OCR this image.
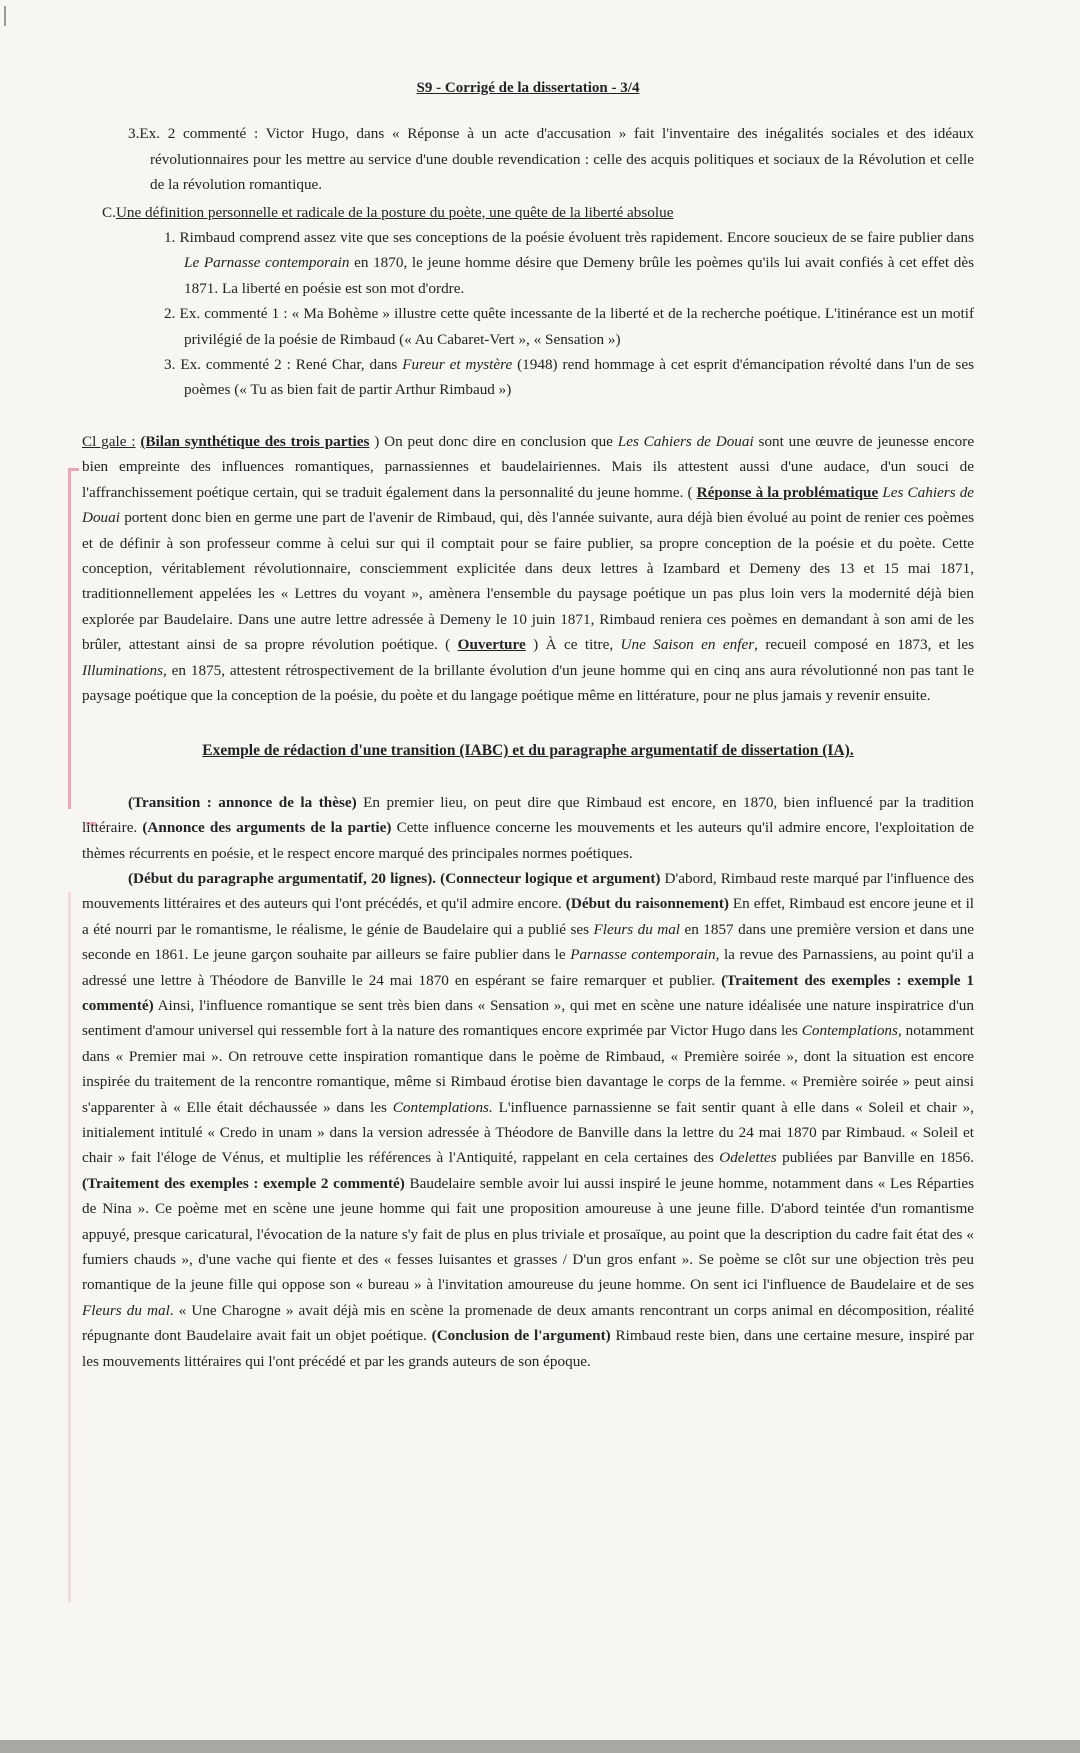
S9 - Corrigé de la dissertation - 3/4

3.Ex. 2 commenté : Victor Hugo, dans « Réponse à un acte d'accusation » fait l'inventaire des inégalités sociales et des idéaux révolutionnaires pour les mettre au service d'une double revendication : celle des acquis politiques et sociaux de la Révolution et celle de la révolution romantique.

C.Une définition personnelle et radicale de la posture du poète, une quête de la liberté absolue

1. Rimbaud comprend assez vite que ses conceptions de la poésie évoluent très rapidement. Encore soucieux de se faire publier dans Le Parnasse contemporain en 1870, le jeune homme désire que Demeny brûle les poèmes qu'ils lui avait confiés à cet effet dès 1871. La liberté en poésie est son mot d'ordre.

2. Ex. commenté 1 : « Ma Bohème » illustre cette quête incessante de la liberté et de la recherche poétique. L'itinérance est un motif privilégié de la poésie de Rimbaud (« Au Cabaret-Vert », « Sensation »)

3. Ex. commenté 2 : René Char, dans Fureur et mystère (1948) rend hommage à cet esprit d'émancipation révolté dans l'un de ses poèmes (« Tu as bien fait de partir Arthur Rimbaud »)

Cl gale : (Bilan synthétique des trois parties ) On peut donc dire en conclusion que Les Cahiers de Douai sont une œuvre de jeunesse encore bien empreinte des influences romantiques, parnassiennes et baudelairiennes. Mais ils attestent aussi d'une audace, d'un souci de l'affranchissement poétique certain, qui se traduit également dans la personnalité du jeune homme. ( Réponse à la problématique Les Cahiers de Douai portent donc bien en germe une part de l'avenir de Rimbaud, qui, dès l'année suivante, aura déjà bien évolué au point de renier ces poèmes et de définir à son professeur comme à celui sur qui il comptait pour se faire publier, sa propre conception de la poésie et du poète. Cette conception, véritablement révolutionnaire, consciemment explicitée dans deux lettres à Izambard et Demeny des 13 et 15 mai 1871, traditionnellement appelées les « Lettres du voyant », amènera l'ensemble du paysage poétique un pas plus loin vers la modernité déjà bien explorée par Baudelaire. Dans une autre lettre adressée à Demeny le 10 juin 1871, Rimbaud reniera ces poèmes en demandant à son ami de les brûler, attestant ainsi de sa propre révolution poétique. ( Ouverture ) À ce titre, Une Saison en enfer, recueil composé en 1873, et les Illuminations, en 1875, attestent rétrospectivement de la brillante évolution d'un jeune homme qui en cinq ans aura révolutionné non pas tant le paysage poétique que la conception de la poésie, du poète et du langage poétique même en littérature, pour ne plus jamais y revenir ensuite.

Exemple de rédaction d'une transition (IABC) et du paragraphe argumentatif de dissertation (IA).

(Transition : annonce de la thèse) En premier lieu, on peut dire que Rimbaud est encore, en 1870, bien influencé par la tradition littéraire. (Annonce des arguments de la partie) Cette influence concerne les mouvements et les auteurs qu'il admire encore, l'exploitation de thèmes récurrents en poésie, et le respect encore marqué des principales normes poétiques.

(Début du paragraphe argumentatif, 20 lignes). (Connecteur logique et argument) D'abord, Rimbaud reste marqué par l'influence des mouvements littéraires et des auteurs qui l'ont précédés, et qu'il admire encore. (Début du raisonnement) En effet, Rimbaud est encore jeune et il a été nourri par le romantisme, le réalisme, le génie de Baudelaire qui a publié ses Fleurs du mal en 1857 dans une première version et dans une seconde en 1861. Le jeune garçon souhaite par ailleurs se faire publier dans le Parnasse contemporain, la revue des Parnassiens, au point qu'il a adressé une lettre à Théodore de Banville le 24 mai 1870 en espérant se faire remarquer et publier. (Traitement des exemples : exemple 1 commenté) Ainsi, l'influence romantique se sent très bien dans « Sensation », qui met en scène une nature idéalisée une nature inspiratrice d'un sentiment d'amour universel qui ressemble fort à la nature des romantiques encore exprimée par Victor Hugo dans les Contemplations, notamment dans « Premier mai ». On retrouve cette inspiration romantique dans le poème de Rimbaud, « Première soirée », dont la situation est encore inspirée du traitement de la rencontre romantique, même si Rimbaud érotise bien davantage le corps de la femme. « Première soirée » peut ainsi s'apparenter à « Elle était déchaussée » dans les Contemplations. L'influence parnassienne se fait sentir quant à elle dans « Soleil et chair », initialement intitulé « Credo in unam » dans la version adressée à Théodore de Banville dans la lettre du 24 mai 1870 par Rimbaud. « Soleil et chair » fait l'éloge de Vénus, et multiplie les références à l'Antiquité, rappelant en cela certaines des Odelettes publiées par Banville en 1856. (Traitement des exemples : exemple 2 commenté) Baudelaire semble avoir lui aussi inspiré le jeune homme, notamment dans « Les Réparties de Nina ». Ce poème met en scène une jeune homme qui fait une proposition amoureuse à une jeune fille. D'abord teintée d'un romantisme appuyé, presque caricatural, l'évocation de la nature s'y fait de plus en plus triviale et prosaïque, au point que la description du cadre fait état des « fumiers chauds », d'une vache qui fiente et des « fesses luisantes et grasses / D'un gros enfant ». Se poème se clôt sur une objection très peu romantique de la jeune fille qui oppose son « bureau » à l'invitation amoureuse du jeune homme. On sent ici l'influence de Baudelaire et de ses Fleurs du mal. « Une Charogne » avait déjà mis en scène la promenade de deux amants rencontrant un corps animal en décomposition, réalité répugnante dont Baudelaire avait fait un objet poétique. (Conclusion de l'argument) Rimbaud reste bien, dans une certaine mesure, inspiré par les mouvements littéraires qui l'ont précédé et par les grands auteurs de son époque.
